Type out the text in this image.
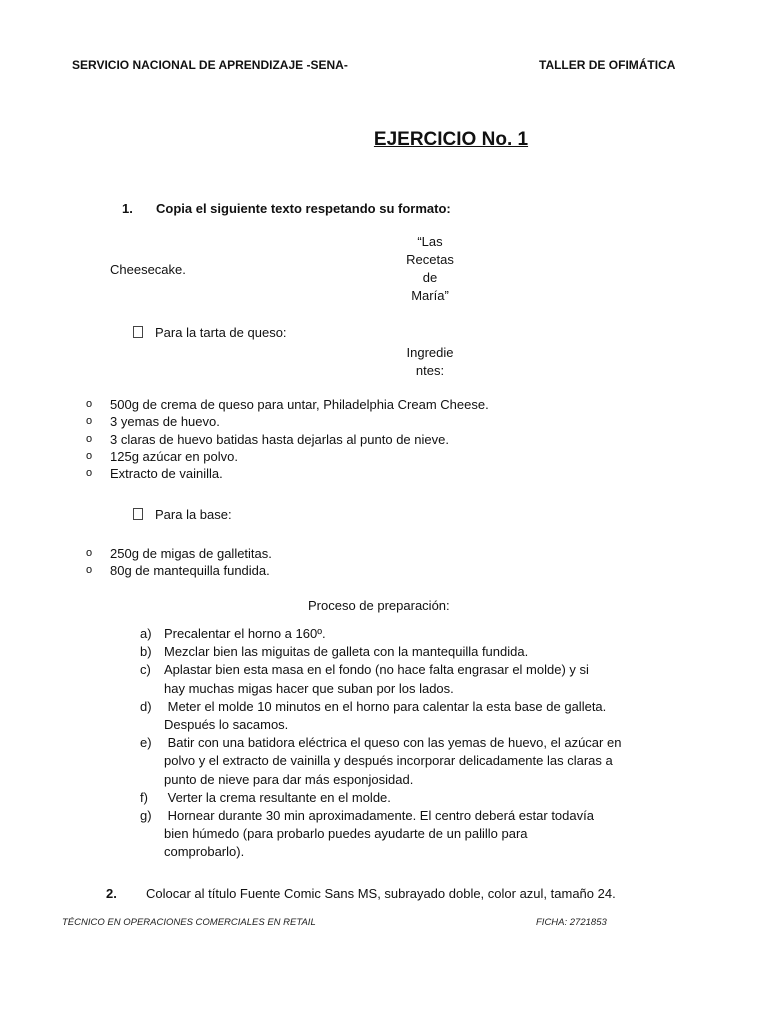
SERVICIO NACIONAL DE APRENDIZAJE -SENA-	TALLER DE OFIMÁTICA
EJERCICIO No. 1
1. Copia el siguiente texto respetando su formato:
“Las
Recetas
de
María”
Cheesecake.
Para la tarta de queso:
Ingredie
ntes:
o 500g de crema de queso para untar, Philadelphia Cream Cheese.
o 3 yemas de huevo.
o 3 claras de huevo batidas hasta dejarlas al punto de nieve.
o 125g azúcar en polvo.
o Extracto de vainilla.
Para la base:
o 250g de migas de galletitas.
o 80g de mantequilla fundida.
Proceso de preparación:
a) Precalentar el horno a 160º.
b) Mezclar bien las miguitas de galleta con la mantequilla fundida.
c) Aplastar bien esta masa en el fondo (no hace falta engrasar el molde) y si
hay muchas migas hacer que suban por los lados.
d) Meter el molde 10 minutos en el horno para calentar la esta base de galleta.
Después lo sacamos.
e) Batir con una batidora eléctrica el queso con las yemas de huevo, el azúcar en
polvo y el extracto de vainilla y después incorporar delicadamente las claras a
punto de nieve para dar más esponjosidad.
f) Verter la crema resultante en el molde.
g) Hornear durante 30 min aproximadamente. El centro deberá estar todavía
bien húmedo (para probarlo puedes ayudarte de un palillo para
comprobarlo).
2. Colocar al título Fuente Comic Sans MS, subrayado doble, color azul, tamaño 24.
TÉCNICO EN OPERACIONES COMERCIALES EN RETAIL	FICHA: 2721853
